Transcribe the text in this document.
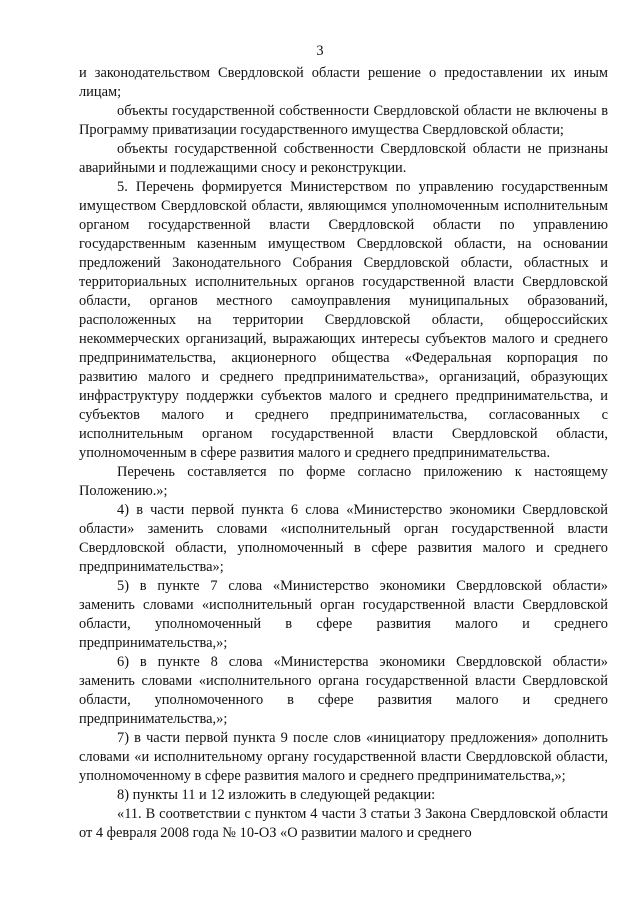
3

и законодательством Свердловской области решение о предоставлении их иным лицам;

объекты государственной собственности Свердловской области не включены в Программу приватизации государственного имущества Свердловской области;

объекты государственной собственности Свердловской области не признаны аварийными и подлежащими сносу и реконструкции.

5. Перечень формируется Министерством по управлению государственным имуществом Свердловской области, являющимся уполномоченным исполнительным органом государственной власти Свердловской области по управлению государственным казенным имуществом Свердловской области, на основании предложений Законодательного Собрания Свердловской области, областных и территориальных исполнительных органов государственной власти Свердловской области, органов местного самоуправления муниципальных образований, расположенных на территории Свердловской области, общероссийских некоммерческих организаций, выражающих интересы субъектов малого и среднего предпринимательства, акционерного общества «Федеральная корпорация по развитию малого и среднего предпринимательства», организаций, образующих инфраструктуру поддержки субъектов малого и среднего предпринимательства, и субъектов малого и среднего предпринимательства, согласованных с исполнительным органом государственной власти Свердловской области, уполномоченным в сфере развития малого и среднего предпринимательства.

Перечень составляется по форме согласно приложению к настоящему Положению.»;

4) в части первой пункта 6 слова «Министерство экономики Свердловской области» заменить словами «исполнительный орган государственной власти Свердловской области, уполномоченный в сфере развития малого и среднего предпринимательства»;

5) в пункте 7 слова «Министерство экономики Свердловской области» заменить словами «исполнительный орган государственной власти Свердловской области, уполномоченный в сфере развития малого и среднего предпринимательства,»;

6) в пункте 8 слова «Министерства экономики Свердловской области» заменить словами «исполнительного органа государственной власти Свердловской области, уполномоченного в сфере развития малого и среднего предпринимательства,»;

7) в части первой пункта 9 после слов «инициатору предложения» дополнить словами «и исполнительному органу государственной власти Свердловской области, уполномоченному в сфере развития малого и среднего предпринимательства,»;

8) пункты 11 и 12 изложить в следующей редакции:

«11. В соответствии с пунктом 4 части 3 статьи 3 Закона Свердловской области от 4 февраля 2008 года № 10-ОЗ «О развитии малого и среднего
